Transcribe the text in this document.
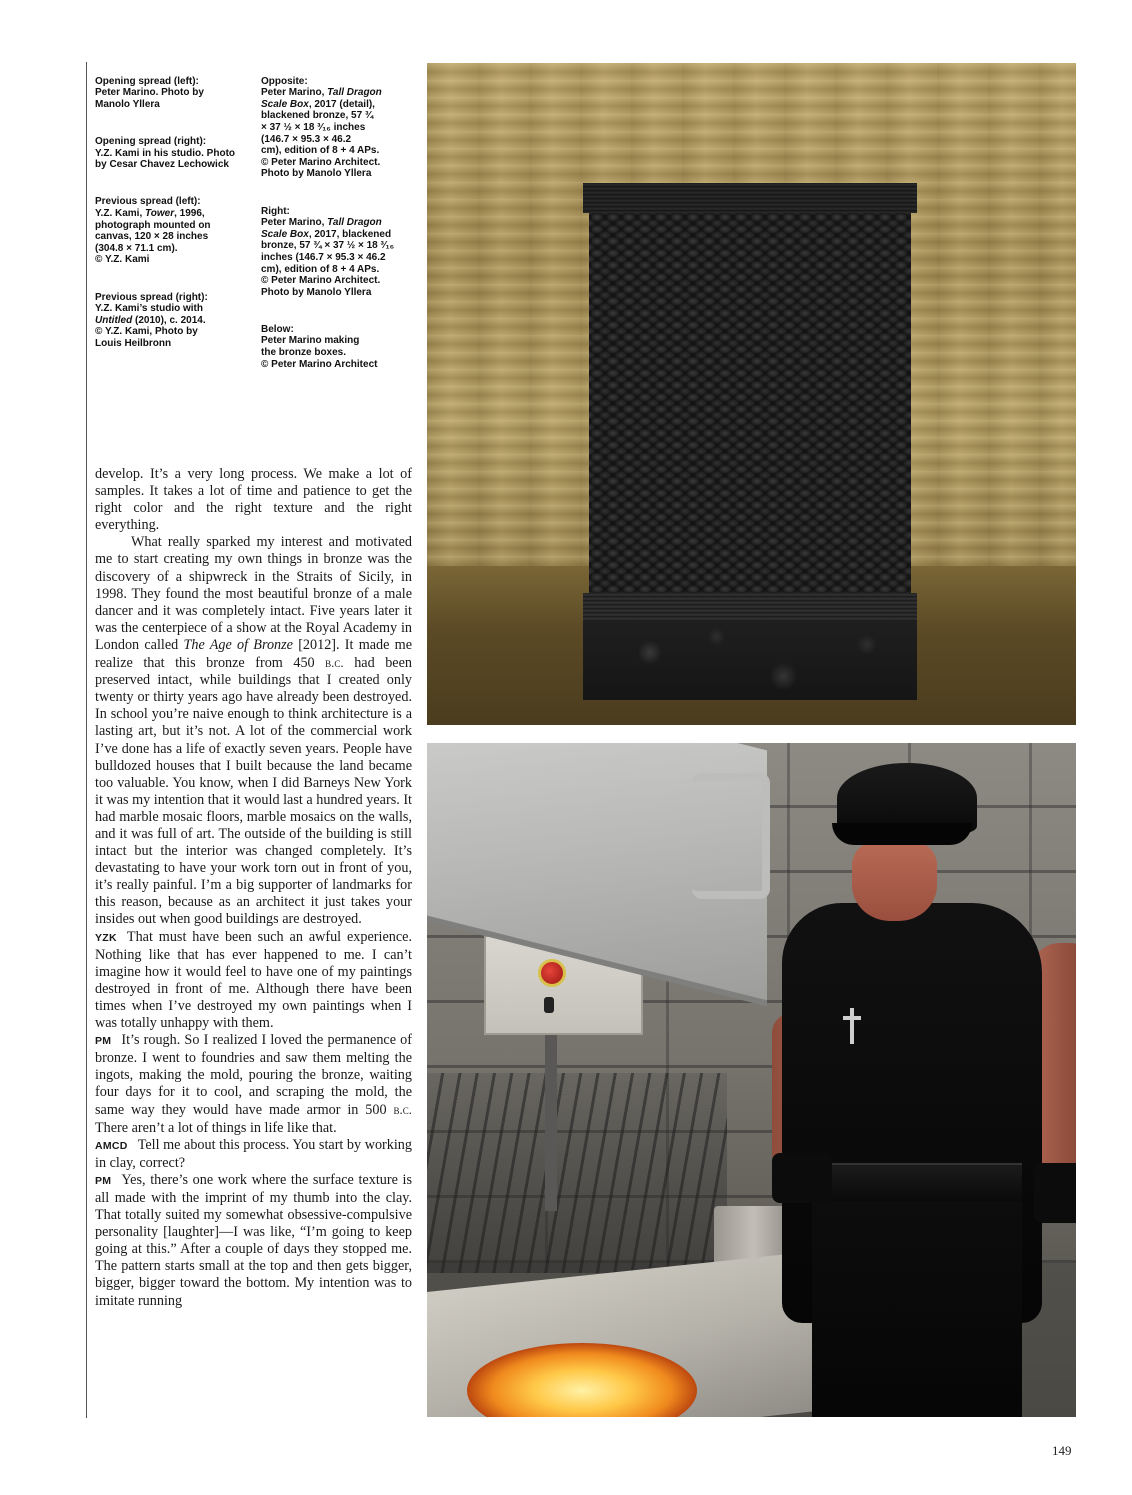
Opening spread (left):
Peter Marino. Photo by
Manolo Yllera

Opening spread (right):
Y.Z. Kami in his studio. Photo
by Cesar Chavez Lechowick

Previous spread (left):
Y.Z. Kami, Tower, 1996,
photograph mounted on
canvas, 120 × 28 inches
(304.8 × 71.1 cm).
© Y.Z. Kami

Previous spread (right):
Y.Z. Kami’s studio with
Untitled (2010), c. 2014.
© Y.Z. Kami, Photo by
Louis Heilbronn

Opposite:
Peter Marino, Tall Dragon
Scale Box, 2017 (detail),
blackened bronze, 57 ¾
× 37 ½ × 18 ³⁄₁₆ inches
(146.7 × 95.3 × 46.2
cm), edition of 8 + 4 APs.
© Peter Marino Architect.
Photo by Manolo Yllera

Right:
Peter Marino, Tall Dragon
Scale Box, 2017, blackened
bronze, 57 ¾ × 37 ½ × 18 ³⁄₁₆
inches (146.7 × 95.3 × 46.2
cm), edition of 8 + 4 APs.
© Peter Marino Architect.
Photo by Manolo Yllera

Below:
Peter Marino making
the bronze boxes.
© Peter Marino Architect

develop. It’s a very long process. We make a lot of samples. It takes a lot of time and patience to get the right color and the right texture and the right everything.

What really sparked my interest and motivated me to start creating my own things in bronze was the discovery of a shipwreck in the Straits of Sicily, in 1998. They found the most beautiful bronze of a male dancer and it was completely intact. Five years later it was the centerpiece of a show at the Royal Academy in London called The Age of Bronze [2012]. It made me realize that this bronze from 450 b.c. had been preserved intact, while buildings that I created only twenty or thirty years ago have already been destroyed. In school you’re naive enough to think architecture is a lasting art, but it’s not. A lot of the commercial work I’ve done has a life of exactly seven years. People have bulldozed houses that I built because the land became too valuable. You know, when I did Barneys New York it was my intention that it would last a hundred years. It had marble mosaic floors, marble mosaics on the walls, and it was full of art. The outside of the building is still intact but the interior was changed completely. It’s devastating to have your work torn out in front of you, it’s really painful. I’m a big supporter of landmarks for this reason, because as an architect it just takes your insides out when good buildings are destroyed.

YZK That must have been such an awful experience. Nothing like that has ever happened to me. I can’t imagine how it would feel to have one of my paintings destroyed in front of me. Although there have been times when I’ve destroyed my own paintings when I was totally unhappy with them.

PM It’s rough. So I realized I loved the permanence of bronze. I went to foundries and saw them melting the ingots, making the mold, pouring the bronze, waiting four days for it to cool, and scraping the mold, the same way they would have made armor in 500 b.c. There aren’t a lot of things in life like that.

AMCD Tell me about this process. You start by working in clay, correct?

PM Yes, there’s one work where the surface texture is all made with the imprint of my thumb into the clay. That totally suited my somewhat obsessive-compulsive personality [laughter]—I was like, “I’m going to keep going at this.” After a couple of days they stopped me. The pattern starts small at the top and then gets bigger, bigger, bigger toward the bottom. My intention was to imitate running

149
